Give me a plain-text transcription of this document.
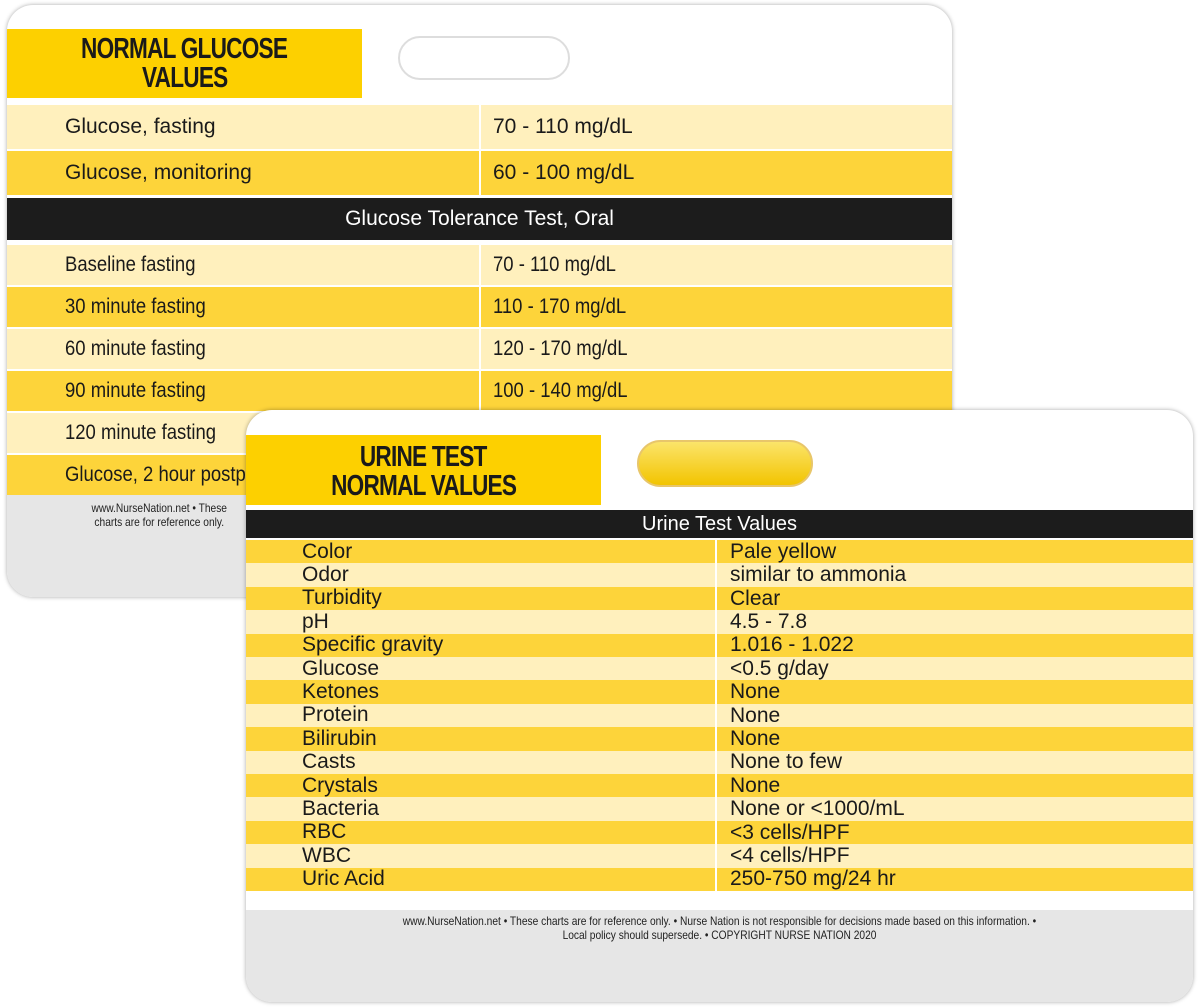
NORMAL GLUCOSE
VALUES
Glucose, fasting	70 - 110 mg/dL
Glucose, monitoring	60 - 100 mg/dL
Glucose Tolerance Test, Oral
Baseline fasting	70 - 110 mg/dL
30 minute fasting	110 - 170 mg/dL
60 minute fasting	120 - 170 mg/dL
90 minute fasting	100 - 140 mg/dL
120 minute fasting
Glucose, 2 hour postp
www.NurseNation.net • These charts are for reference only.
URINE TEST
NORMAL VALUES
Urine Test Values
Color	Pale yellow
Odor	similar to ammonia
Turbidity	Clear
pH	4.5 - 7.8
Specific gravity	1.016 - 1.022
Glucose	<0.5 g/day
Ketones	None
Protein	None
Bilirubin	None
Casts	None to few
Crystals	None
Bacteria	None or <1000/mL
RBC	<3 cells/HPF
WBC	<4 cells/HPF
Uric Acid	250-750 mg/24 hr
www.NurseNation.net • These charts are for reference only. • Nurse Nation is not responsible for decisions made based on this information. •
Local policy should supersede. • COPYRIGHT NURSE NATION 2020
